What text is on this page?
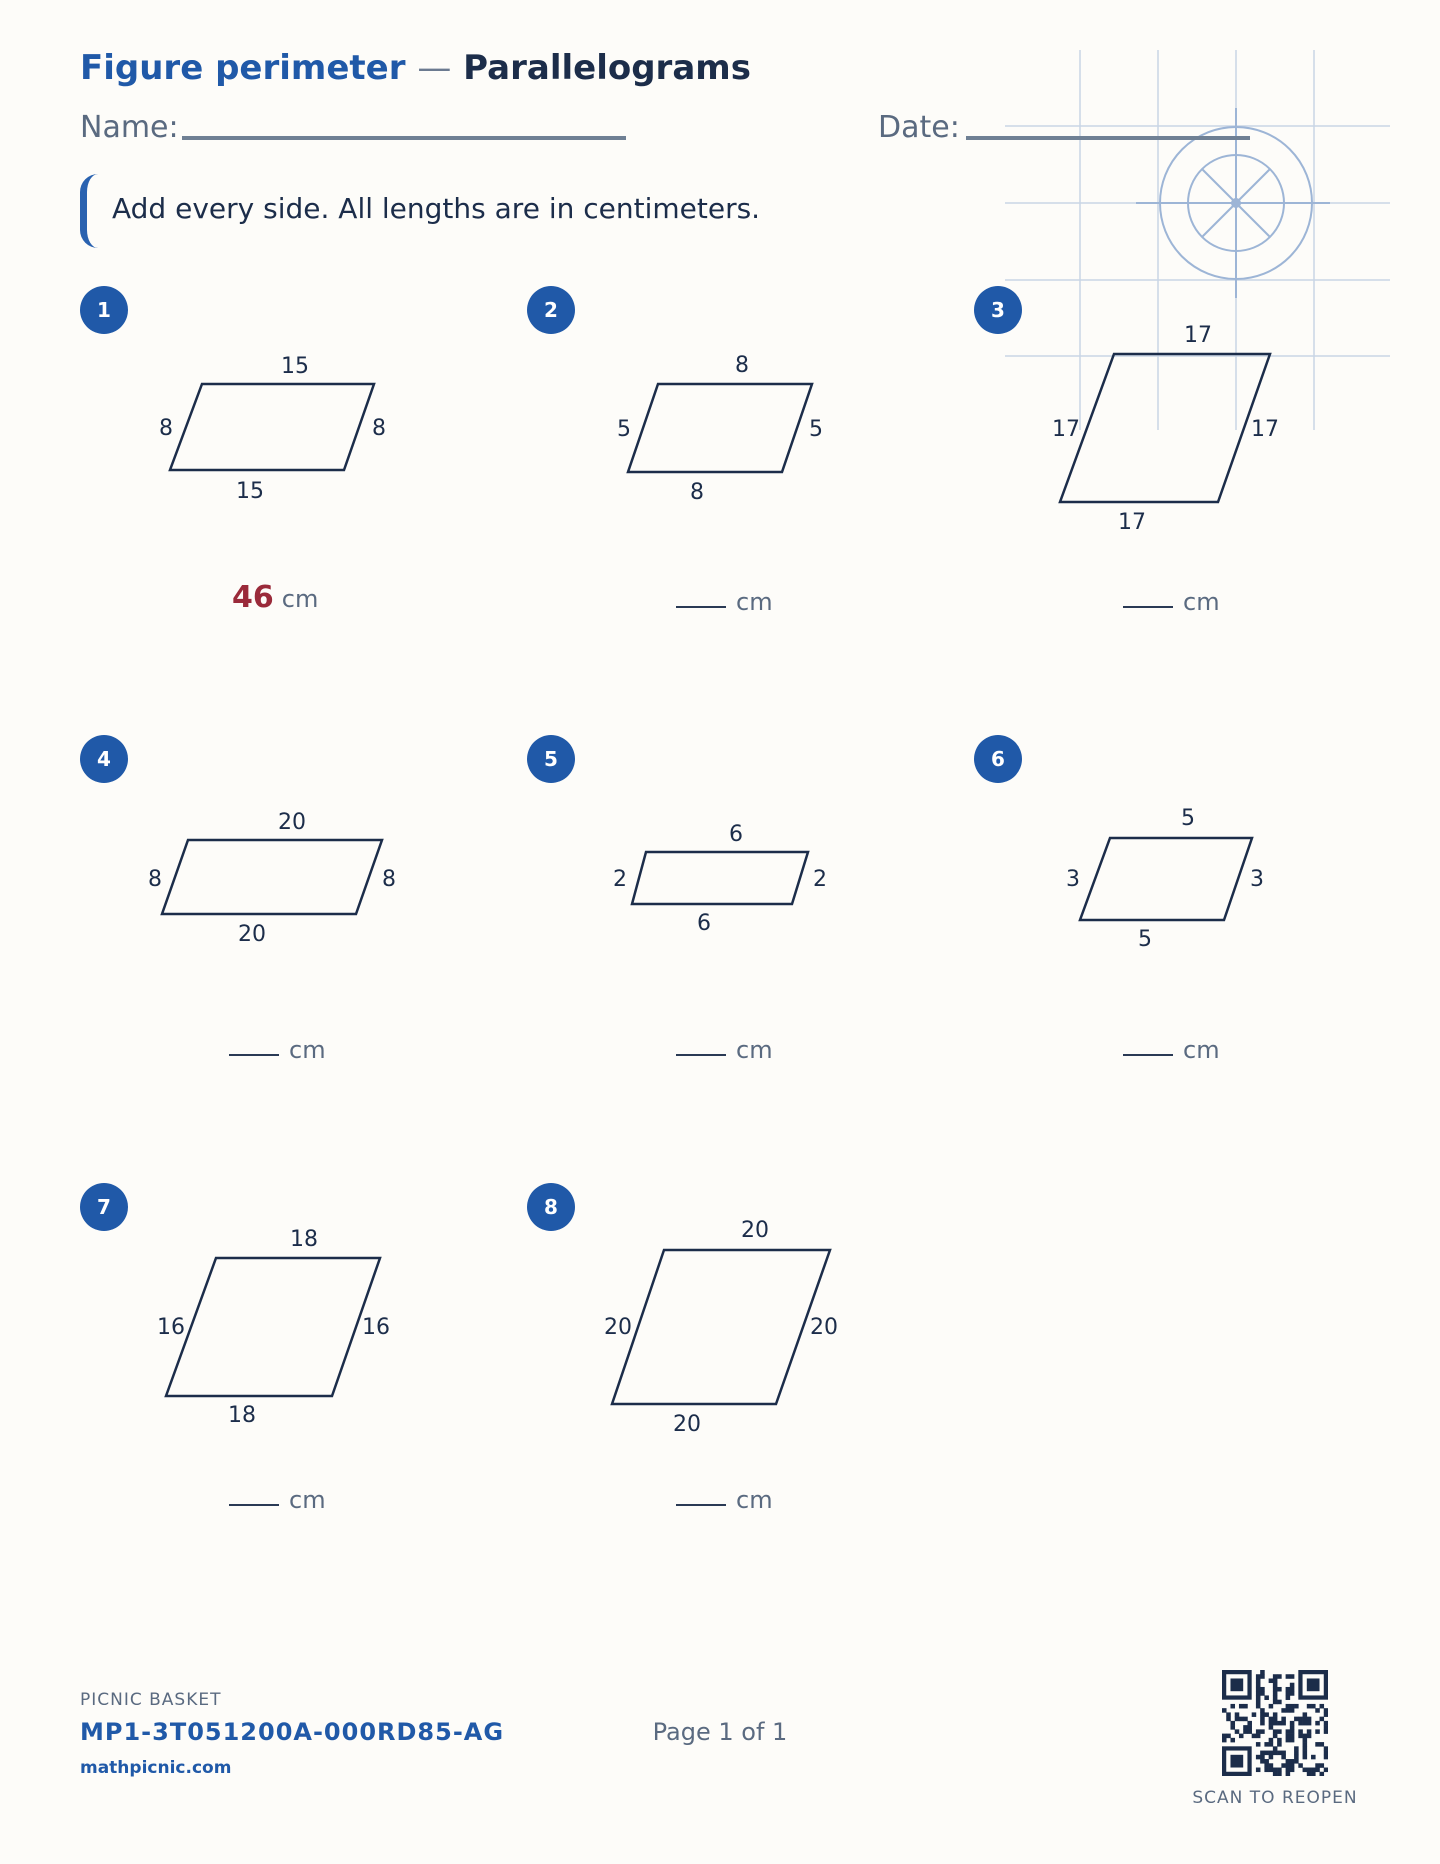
Figure perimeter — Parallelograms
Name:	Date:
Add every side. All lengths are in centimeters.
1
15
15
8	8
8
8
5	5
17
17
17	17
20
20
8	8
6
6
2	2
5
5
3	3
18
18
16	16
20
20
20	20
2	3
4	5	6
7	8
46 cm	cm	cm
cm	cm	cm
cm	cm
PICNIC BASKET
MP1-3T051200A-000RD85-AG
mathpicnic.com
Page 1 of 1
SCAN TO REOPEN
